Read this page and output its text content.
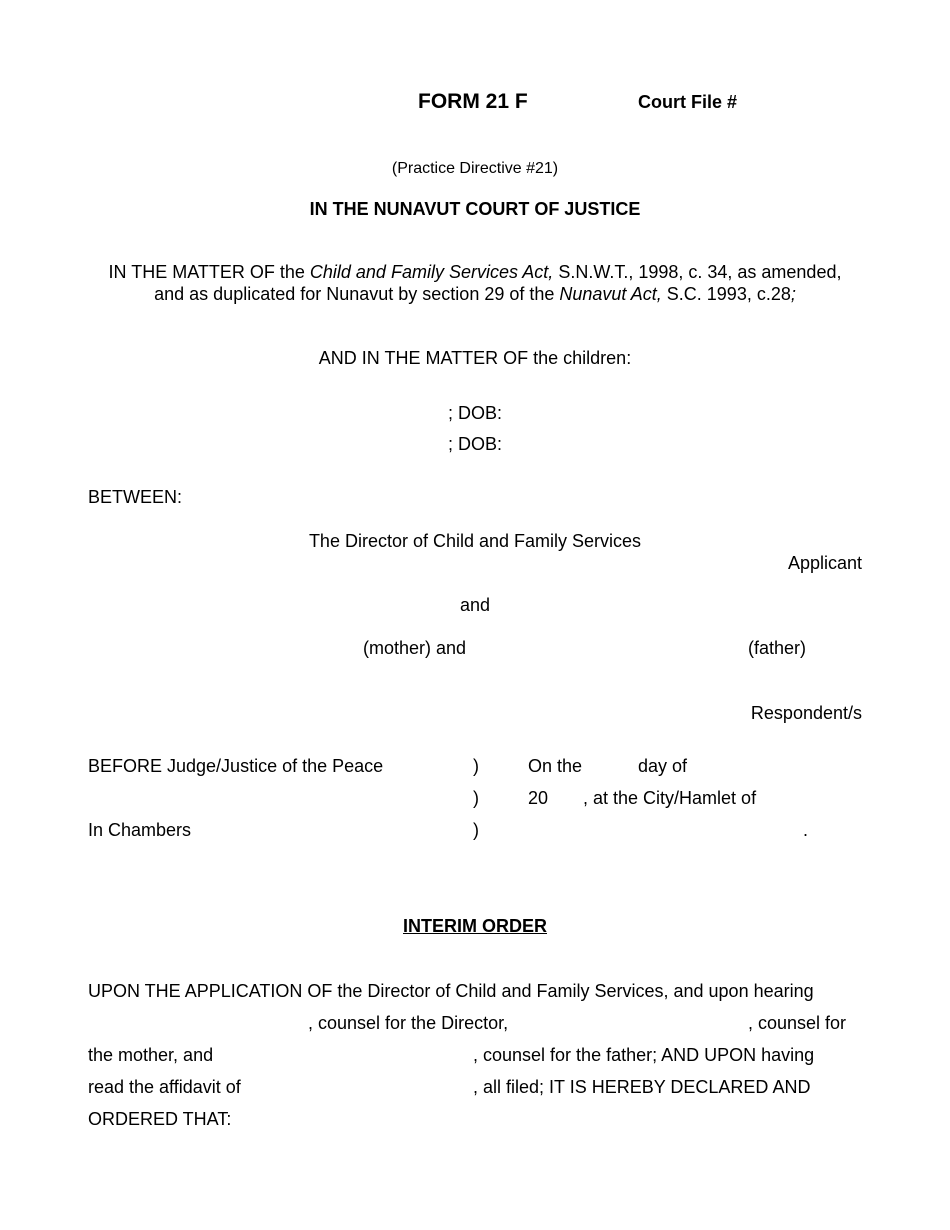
FORM 21 F	Court File #
(Practice Directive #21)
IN THE NUNAVUT COURT OF JUSTICE
IN THE MATTER OF the Child and Family Services Act, S.N.W.T., 1998, c. 34, as amended,
and as duplicated for Nunavut by section 29 of the Nunavut Act, S.C. 1993, c.28;
AND IN THE MATTER OF the children:
; DOB:
; DOB:
BETWEEN:
The Director of Child and Family Services
Applicant
and
(mother) and	(father)
Respondent/s
BEFORE Judge/Justice of the Peace	)	On the	day of
)	20 , at the City/Hamlet of
In Chambers	)	.
INTERIM ORDER
UPON THE APPLICATION OF the Director of Child and Family Services, and upon hearing
, counsel for the Director,	, counsel for
the mother, and	, counsel for the father; AND UPON having
read the affidavit of	, all filed; IT IS HEREBY DECLARED AND
ORDERED THAT:
